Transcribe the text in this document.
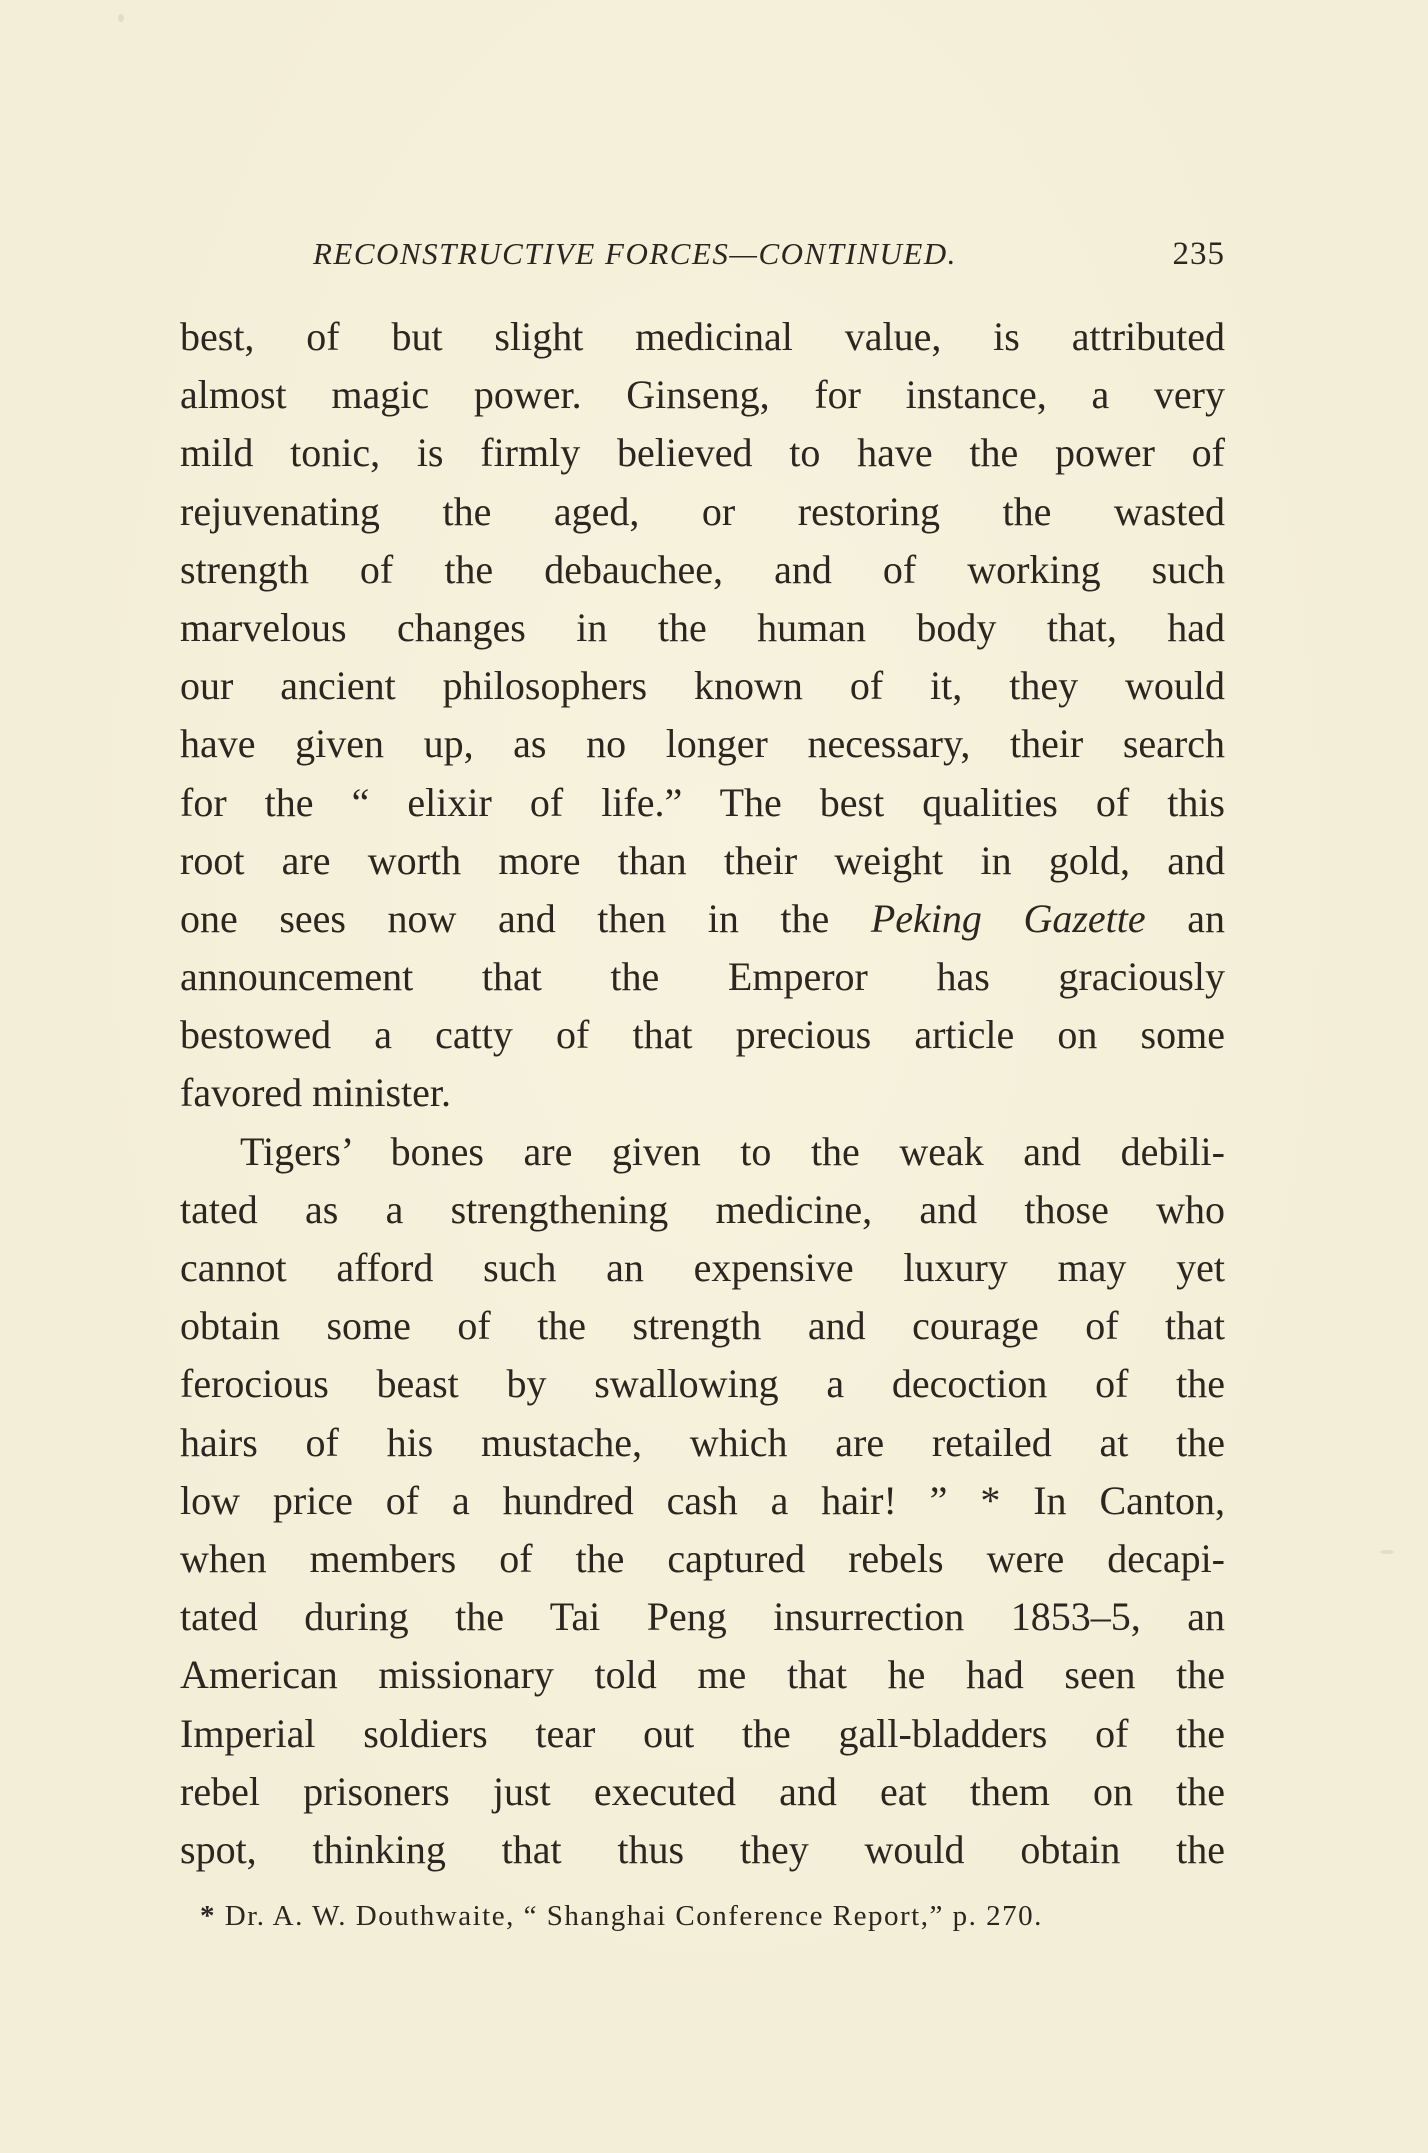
RECONSTRUCTIVE FORCES—CONTINUED.	235
best, of but slight medicinal value, is attributed
almost magic power. Ginseng, for instance, a very
mild tonic, is firmly believed to have the power of
rejuvenating the aged, or restoring the wasted
strength of the debauchee, and of working such
marvelous changes in the human body that, had
our ancient philosophers known of it, they would
have given up, as no longer necessary, their search
for the “ elixir of life.” The best qualities of this
root are worth more than their weight in gold, and
one sees now and then in the Peking Gazette an
announcement that the Emperor has graciously
bestowed a catty of that precious article on some
favored minister.
Tigers’ bones are given to the weak and debili-
tated as a strengthening medicine, and those who
cannot afford such an expensive luxury may yet
obtain some of the strength and courage of that
ferocious beast by swallowing a decoction of the
hairs of his mustache, which are retailed at the
low price of a hundred cash a hair! ” * In Canton,
when members of the captured rebels were decapi-
tated during the Tai Peng insurrection 1853–5, an
American missionary told me that he had seen the
Imperial soldiers tear out the gall-bladders of the
rebel prisoners just executed and eat them on the
spot, thinking that thus they would obtain the
* Dr. A. W. Douthwaite, “ Shanghai Conference Report,” p. 270.
